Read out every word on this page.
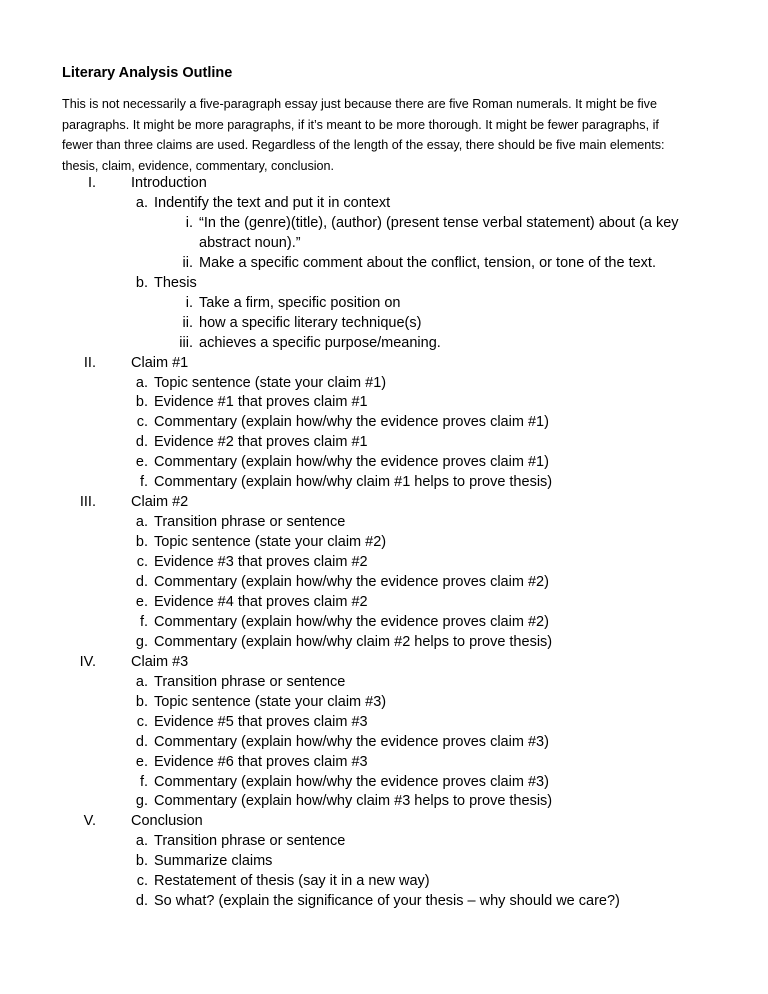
Literary Analysis Outline
This is not necessarily a five-paragraph essay just because there are five Roman numerals. It might be five
paragraphs. It might be more paragraphs, if it’s meant to be more thorough. It might be fewer paragraphs, if
fewer than three claims are used. Regardless of the length of the essay, there should be five main elements:
thesis, claim, evidence, commentary, conclusion.
I. Introduction
a. Indentify the text and put it in context
i. “In the (genre)(title), (author) (present tense verbal statement) about (a key
abstract noun).”
ii. Make a specific comment about the conflict, tension, or tone of the text.
b. Thesis
i. Take a firm, specific position on
ii. how a specific literary technique(s)
iii. achieves a specific purpose/meaning.
II. Claim #1
a. Topic sentence (state your claim #1)
b. Evidence #1 that proves claim #1
c. Commentary (explain how/why the evidence proves claim #1)
d. Evidence #2 that proves claim #1
e. Commentary (explain how/why the evidence proves claim #1)
f. Commentary (explain how/why claim #1 helps to prove thesis)
III. Claim #2
a. Transition phrase or sentence
b. Topic sentence (state your claim #2)
c. Evidence #3 that proves claim #2
d. Commentary (explain how/why the evidence proves claim #2)
e. Evidence #4 that proves claim #2
f. Commentary (explain how/why the evidence proves claim #2)
g. Commentary (explain how/why claim #2 helps to prove thesis)
IV. Claim #3
a. Transition phrase or sentence
b. Topic sentence (state your claim #3)
c. Evidence #5 that proves claim #3
d. Commentary (explain how/why the evidence proves claim #3)
e. Evidence #6 that proves claim #3
f. Commentary (explain how/why the evidence proves claim #3)
g. Commentary (explain how/why claim #3 helps to prove thesis)
V. Conclusion
a. Transition phrase or sentence
b. Summarize claims
c. Restatement of thesis (say it in a new way)
d. So what? (explain the significance of your thesis – why should we care?)
